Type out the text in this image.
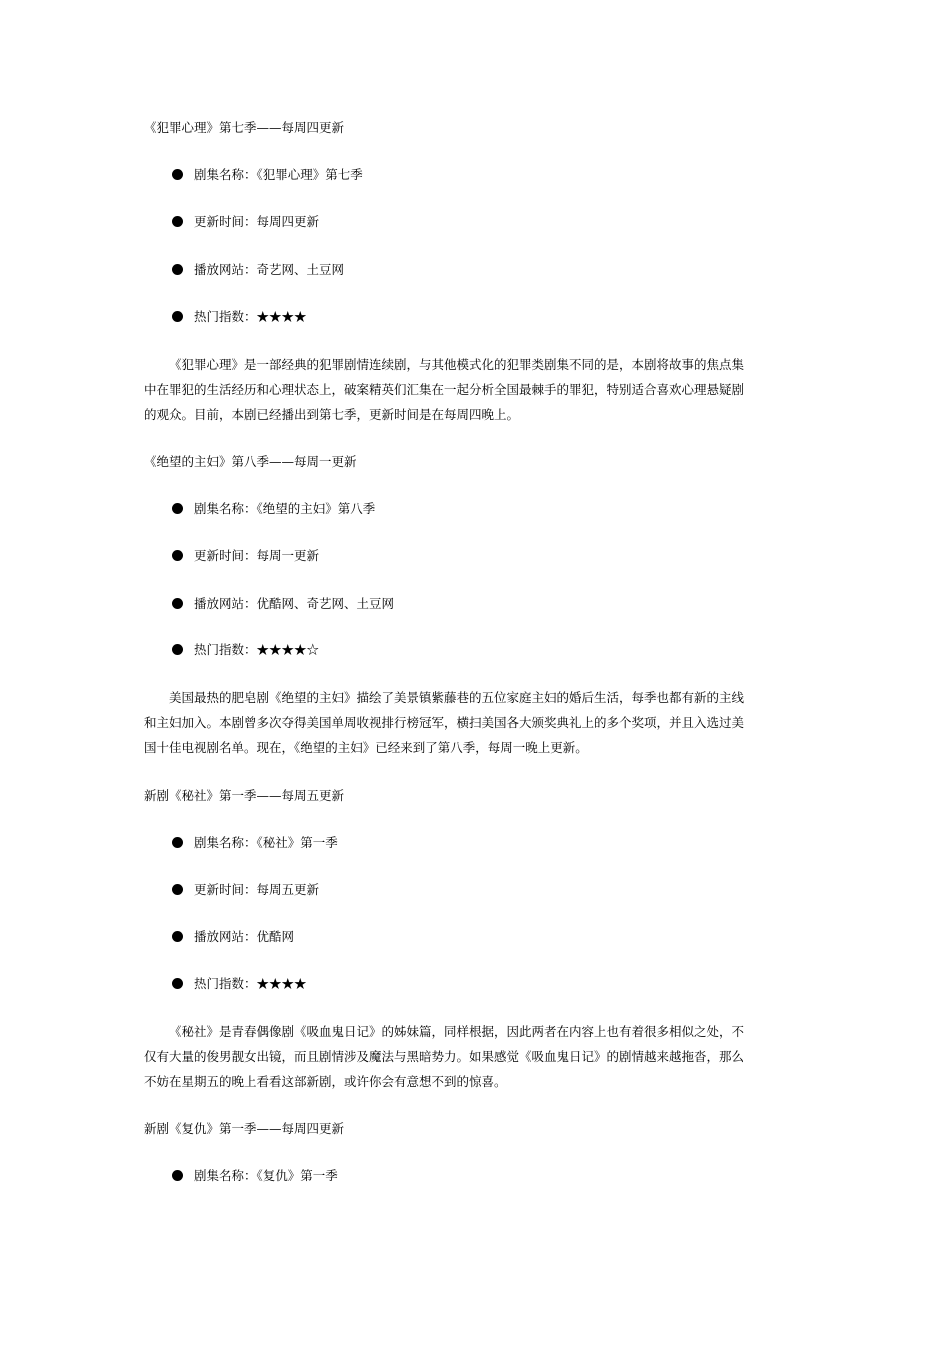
《犯罪心理》第七季——每周四更新
剧集名称：《犯罪心理》第七季
更新时间：每周四更新
播放网站：奇艺网、土豆网
热门指数：★★★★
《犯罪心理》是一部经典的犯罪剧情连续剧，与其他模式化的犯罪类剧集不同的是，本剧将故事的焦点集中在罪犯的生活经历和心理状态上，破案精英们汇集在一起分析全国最棘手的罪犯，特别适合喜欢心理悬疑剧的观众。目前，本剧已经播出到第七季，更新时间是在每周四晚上。
《绝望的主妇》第八季——每周一更新
剧集名称：《绝望的主妇》第八季
更新时间：每周一更新
播放网站：优酷网、奇艺网、土豆网
热门指数：★★★★☆
美国最热的肥皂剧《绝望的主妇》描绘了美景镇紫藤巷的五位家庭主妇的婚后生活，每季也都有新的主线和主妇加入。本剧曾多次夺得美国单周收视排行榜冠军，横扫美国各大颁奖典礼上的多个奖项，并且入选过美国十佳电视剧名单。现在，《绝望的主妇》已经来到了第八季，每周一晚上更新。
新剧《秘社》第一季——每周五更新
剧集名称：《秘社》第一季
更新时间：每周五更新
播放网站：优酷网
热门指数：★★★★
《秘社》是青春偶像剧《吸血鬼日记》的姊妹篇，同样根据，因此两者在内容上也有着很多相似之处，不仅有大量的俊男靓女出镜，而且剧情涉及魔法与黑暗势力。如果感觉《吸血鬼日记》的剧情越来越拖沓，那么不妨在星期五的晚上看看这部新剧，或许你会有意想不到的惊喜。
新剧《复仇》第一季——每周四更新
剧集名称：《复仇》第一季
